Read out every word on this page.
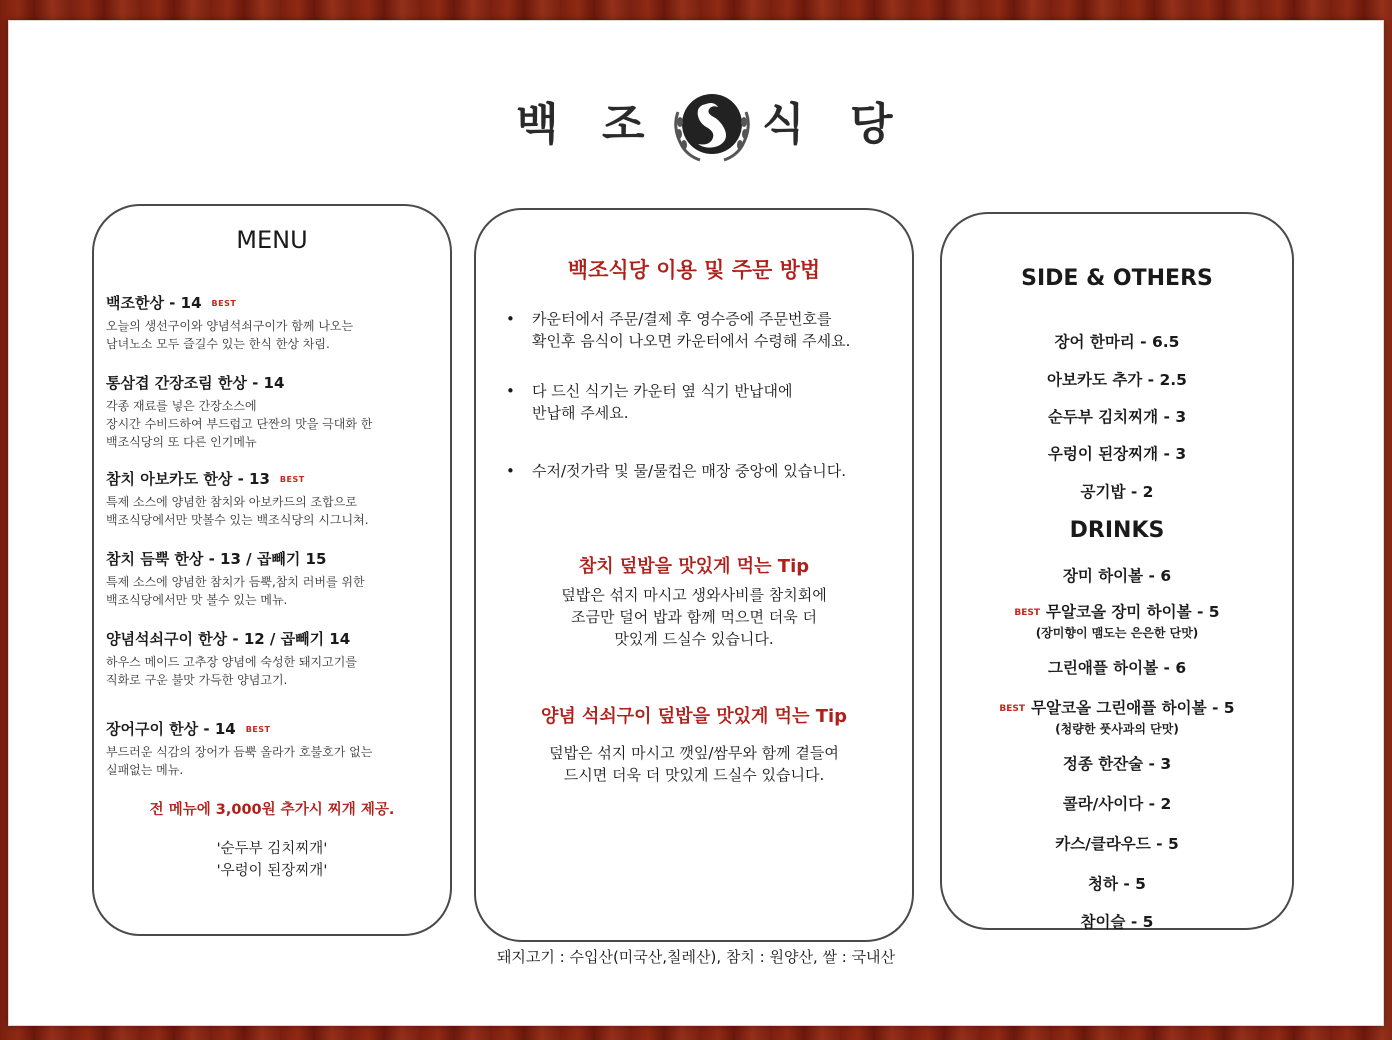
백 조	식 당
MENU
백조한상 - 14 BEST
오늘의 생선구이와 양념석쇠구이가 함께 나오는
남녀노소 모두 즐길수 있는 한식 한상 차림.
통삼겹 간장조림 한상 - 14
각종 재료를 넣은 간장소스에
장시간 수비드하여 부드럽고 단짠의 맛을 극대화 한
백조식당의 또 다른 인기메뉴
참치 아보카도 한상 - 13 BEST
특제 소스에 양념한 참치와 아보카드의 조합으로
백조식당에서만 맛볼수 있는 백조식당의 시그니쳐.
참치 듬뿍 한상 - 13 / 곱빼기 15
특제 소스에 양념한 참치가 듬뿍,참치 러버를 위한
백조식당에서만 맛 볼수 있는 메뉴.
양념석쇠구이 한상 - 12 / 곱빼기 14
하우스 메이드 고추장 양념에 숙성한 돼지고기를
직화로 구운 불맛 가득한 양념고기.
장어구이 한상 - 14 BEST
부드러운 식감의 장어가 듬뿍 올라가 호불호가 없는
실패없는 메뉴.
전 메뉴에 3,000원 추가시 찌개 제공.
'순두부 김치찌개'
'우렁이 된장찌개'
백조식당 이용 및 주문 방법
• 카운터에서 주문/결제 후 영수증에 주문번호를
확인후 음식이 나오면 카운터에서 수령해 주세요.
• 다 드신 식기는 카운터 옆 식기 반납대에
반납해 주세요.
• 수저/젓가락 및 물/물컵은 매장 중앙에 있습니다.
참치 덮밥을 맛있게 먹는 Tip
덮밥은 섞지 마시고 생와사비를 참치회에
조금만 덜어 밥과 함께 먹으면 더욱 더
맛있게 드실수 있습니다.
양념 석쇠구이 덮밥을 맛있게 먹는 Tip
덮밥은 섞지 마시고 깻잎/쌈무와 함께 곁들여
드시면 더욱 더 맛있게 드실수 있습니다.
SIDE & OTHERS
장어 한마리 - 6.5
아보카도 추가 - 2.5
순두부 김치찌개 - 3
우렁이 된장찌개 - 3
공기밥 - 2
DRINKS
장미 하이볼 - 6
BEST 무알코올 장미 하이볼 - 5
(장미향이 맴도는 은은한 단맛)
그린애플 하이볼 - 6
BEST 무알코올 그린애플 하이볼 - 5
(청량한 풋사과의 단맛)
정종 한잔술 - 3
콜라/사이다 - 2
카스/클라우드 - 5
청하 - 5
참이슬 - 5
돼지고기 : 수입산(미국산,칠레산), 참치 : 원양산, 쌀 : 국내산
